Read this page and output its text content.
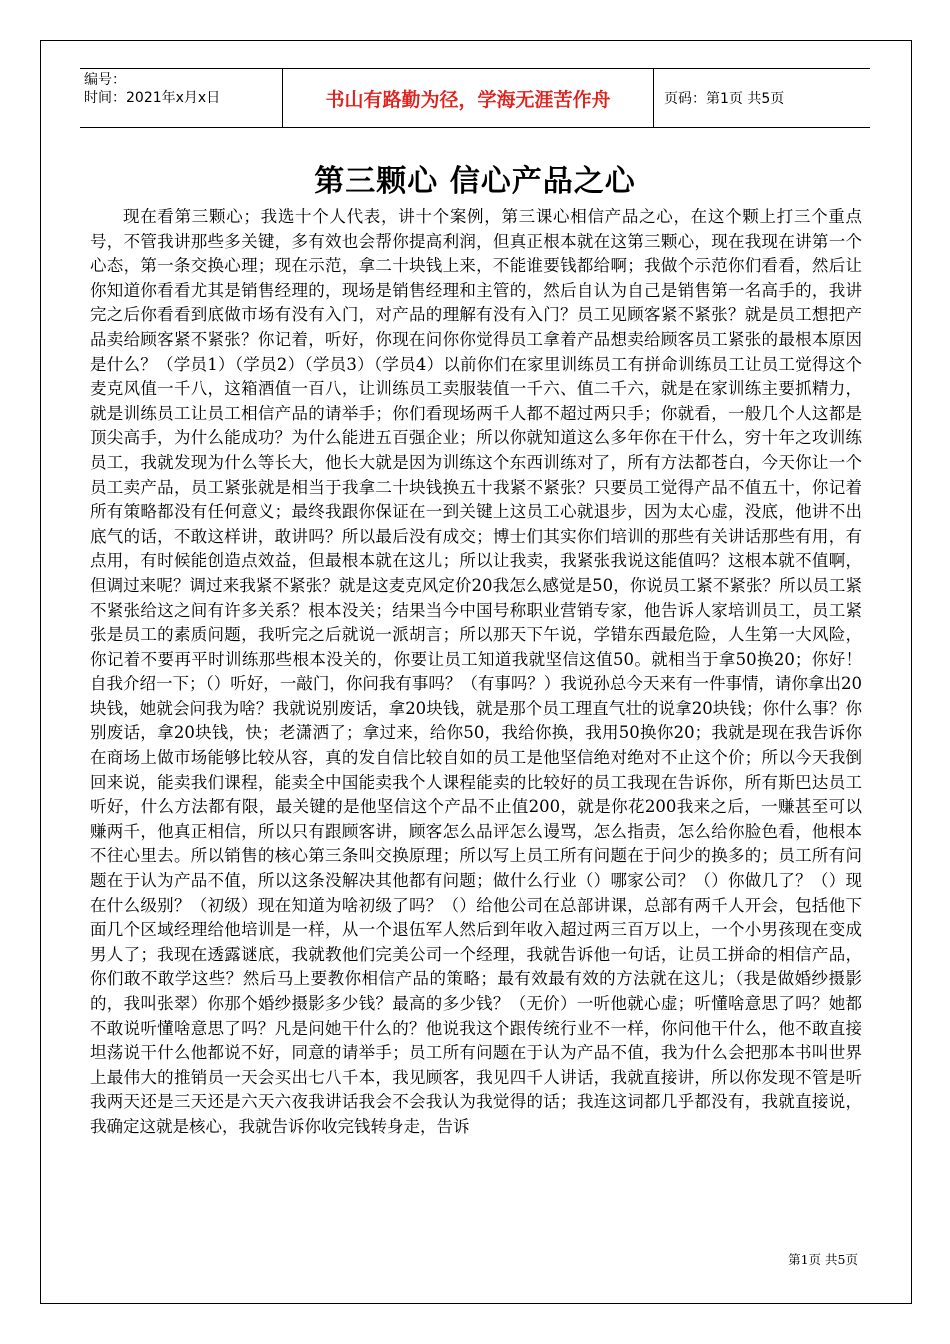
编号：
时间：2021年x月x日	书山有路勤为径，学海无涯苦作舟	页码：第1页 共5页
第三颗心 信心产品之心

现在看第三颗心；我选十个人代表，讲十个案例，第三课心相信产品之心，在这个颗上打三个重点号，不管我讲那些多关键，多有效也会帮你提高利润，但真正根本就在这第三颗心，现在我现在讲第一个心态，第一条交换心理；现在示范，拿二十块钱上来，不能谁要钱都给啊；我做个示范你们看看，然后让你知道你看看尤其是销售经理的，现场是销售经理和主管的，然后自认为自己是销售第一名高手的，我讲完之后你看看到底做市场有没有入门，对产品的理解有没有入门？员工见顾客紧不紧张？就是员工想把产品卖给顾客紧不紧张？你记着，听好，你现在问你你觉得员工拿着产品想卖给顾客员工紧张的最根本原因是什么？（学员1）（学员2）（学员3）（学员4）以前你们在家里训练员工有拼命训练员工让员工觉得这个麦克风值一千八，这箱酒值一百八，让训练员工卖服装值一千六、值二千六，就是在家训练主要抓精力，就是训练员工让员工相信产品的请举手；你们看现场两千人都不超过两只手；你就看，一般几个人这都是顶尖高手，为什么能成功？为什么能进五百强企业；所以你就知道这么多年你在干什么，穷十年之攻训练员工，我就发现为什么等长大，他长大就是因为训练这个东西训练对了，所有方法都苍白，今天你让一个员工卖产品，员工紧张就是相当于我拿二十块钱换五十我紧不紧张？只要员工觉得产品不值五十，你记着所有策略都没有任何意义；最终我跟你保证在一到关键上这员工心就退步，因为太心虚，没底，他讲不出底气的话，不敢这样讲，敢讲吗？所以最后没有成交；博士们其实你们培训的那些有关讲话那些有用，有点用，有时候能创造点效益，但最根本就在这儿；所以让我卖，我紧张我说这能值吗？这根本就不值啊，但调过来呢？调过来我紧不紧张？就是这麦克风定价20我怎么感觉是50，你说员工紧不紧张？所以员工紧不紧张给这之间有许多关系？根本没关；结果当今中国号称职业营销专家，他告诉人家培训员工，员工紧张是员工的素质问题，我听完之后就说一派胡言；所以那天下午说，学错东西最危险，人生第一大风险，你记着不要再平时训练那些根本没关的，你要让员工知道我就坚信这值50。就相当于拿50换20；你好！自我介绍一下；（）听好，一敲门，你问我有事吗？（有事吗？）我说孙总今天来有一件事情，请你拿出20块钱，她就会问我为啥？我就说别废话，拿20块钱，就是那个员工理直气壮的说拿20块钱；你什么事？你别废话，拿20块钱，快；老潇洒了；拿过来，给你50，我给你换，我用50换你20；我就是现在我告诉你在商场上做市场能够比较从容，真的发自信比较自如的员工是他坚信绝对绝对不止这个价；所以今天我倒回来说，能卖我们课程，能卖全中国能卖我个人课程能卖的比较好的员工我现在告诉你，所有斯巴达员工听好，什么方法都有限，最关键的是他坚信这个产品不止值200，就是你花200我来之后，一赚甚至可以赚两千，他真正相信，所以只有跟顾客讲，顾客怎么品评怎么谩骂，怎么指责，怎么给你脸色看，他根本不往心里去。所以销售的核心第三条叫交换原理；所以写上员工所有问题在于问少的换多的；员工所有问题在于认为产品不值，所以这条没解决其他都有问题；做什么行业（）哪家公司？（）你做几了？（）现在什么级别？（初级）现在知道为啥初级了吗？（）给他公司在总部讲课，总部有两千人开会，包括他下面几个区域经理给他培训是一样，从一个退伍军人然后到年收入超过两三百万以上，一个小男孩现在变成男人了；我现在透露谜底，我就教他们完美公司一个经理，我就告诉他一句话，让员工拼命的相信产品，你们敢不敢学这些？然后马上要教你相信产品的策略；最有效最有效的方法就在这儿；（我是做婚纱摄影的，我叫张翠）你那个婚纱摄影多少钱？最高的多少钱？（无价）一听他就心虚；听懂啥意思了吗？她都不敢说听懂啥意思了吗？凡是问她干什么的？他说我这个跟传统行业不一样，你问他干什么，他不敢直接坦荡说干什么他都说不好，同意的请举手；员工所有问题在于认为产品不值，我为什么会把那本书叫世界上最伟大的推销员一天会买出七八千本，我见顾客，我见四千人讲话，我就直接讲，所以你发现不管是听我两天还是三天还是六天六夜我讲话我会不会我认为我觉得的话；我连这词都几乎都没有，我就直接说，我确定这就是核心，我就告诉你收完钱转身走，告诉

第1页 共5页
